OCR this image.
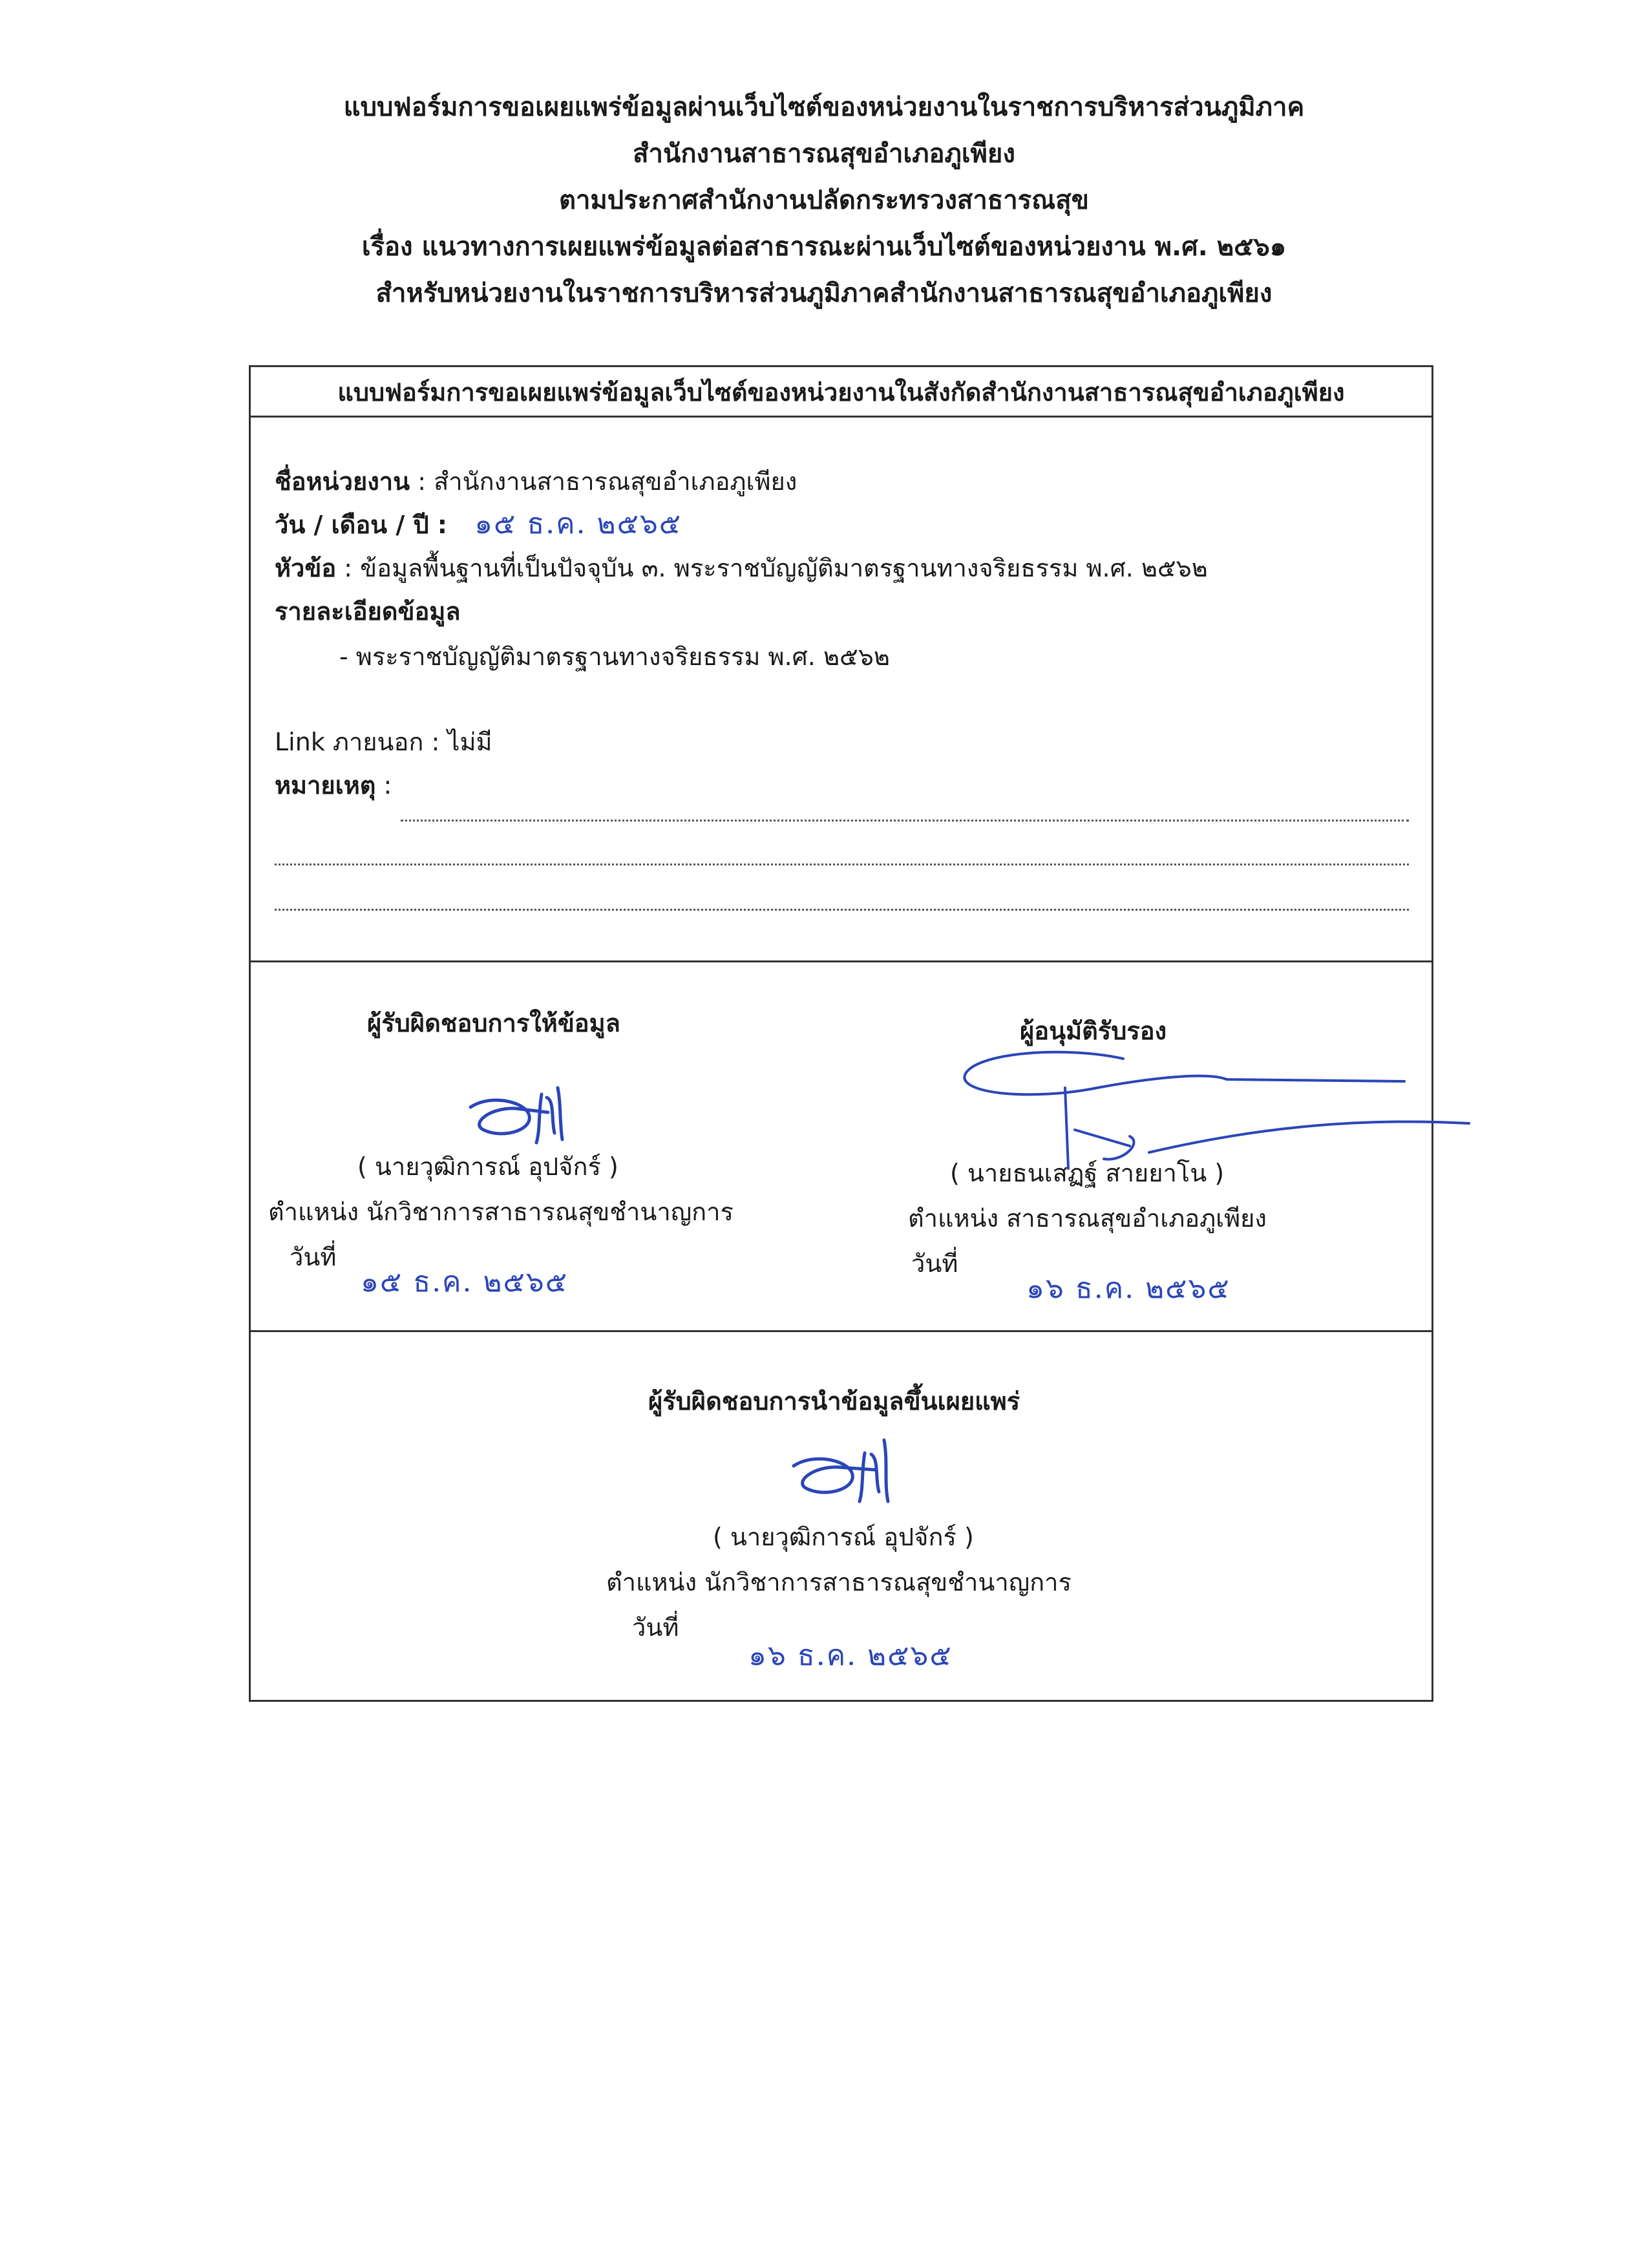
แบบฟอร์มการขอเผยแพร่ข้อมูลผ่านเว็บไซต์ของหน่วยงานในราชการบริหารส่วนภูมิภาค
สำนักงานสาธารณสุขอำเภอภูเพียง
ตามประกาศสำนักงานปลัดกระทรวงสาธารณสุข
เรื่อง แนวทางการเผยแพร่ข้อมูลต่อสาธารณะผ่านเว็บไซต์ของหน่วยงาน พ.ศ. ๒๕๖๑
สำหรับหน่วยงานในราชการบริหารส่วนภูมิภาคสำนักงานสาธารณสุขอำเภอภูเพียง
แบบฟอร์มการขอเผยแพร่ข้อมูลเว็บไซต์ของหน่วยงานในสังกัดสำนักงานสาธารณสุขอำเภอภูเพียง
ชื่อหน่วยงาน : สำนักงานสาธารณสุขอำเภอภูเพียง
วัน / เดือน / ปี : ๑๕ ธ.ค. ๒๕๖๕
หัวข้อ : ข้อมูลพื้นฐานที่เป็นปัจจุบัน ๓. พระราชบัญญัติมาตรฐานทางจริยธรรม พ.ศ. ๒๕๖๒
รายละเอียดข้อมูล
- พระราชบัญญัติมาตรฐานทางจริยธรรม พ.ศ. ๒๕๖๒
Link ภายนอก : ไม่มี
หมายเหตุ :
ผู้รับผิดชอบการให้ข้อมูล
( นายวุฒิการณ์ อุปจักร์ )
ตำแหน่ง นักวิชาการสาธารณสุขชำนาญการ
วันที่
๑๕ ธ.ค. ๒๕๖๕
ผู้อนุมัติรับรอง
( นายธนเสฏฐ์ สายยาโน )
ตำแหน่ง สาธารณสุขอำเภอภูเพียง
วันที่
๑๖ ธ.ค. ๒๕๖๕
ผู้รับผิดชอบการนำข้อมูลขึ้นเผยแพร่
( นายวุฒิการณ์ อุปจักร์ )
ตำแหน่ง นักวิชาการสาธารณสุขชำนาญการ
วันที่
๑๖ ธ.ค. ๒๕๖๕
